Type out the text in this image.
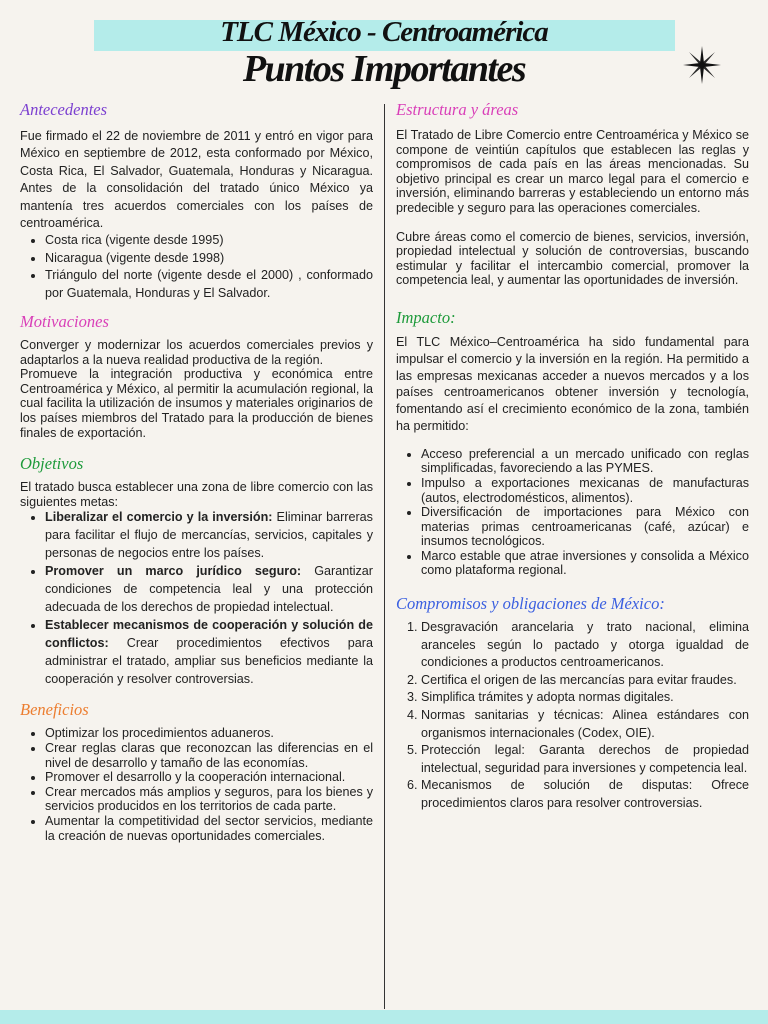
TLC México - Centroamérica
Puntos Importantes
Antecedentes

Fue firmado el 22 de noviembre de 2011 y entró en vigor para México en septiembre de 2012, esta conformado por México, Costa Rica, El Salvador, Guatemala, Honduras y Nicaragua. Antes de la consolidación del tratado único México ya mantenía tres acuerdos comerciales con los países de centroamérica.

• Costa rica (vigente desde 1995)
• Nicaragua (vigente desde 1998)
• Triángulo del norte (vigente desde el 2000) , conformado por Guatemala, Honduras y El Salvador.
Motivaciones

Converger y modernizar los acuerdos comerciales previos y adaptarlos a la nueva realidad productiva de la región.

Promueve la integración productiva y económica entre Centroamérica y México, al permitir la acumulación regional, la cual facilita la utilización de insumos y materiales originarios de los países miembros del Tratado para la producción de bienes finales de exportación.

Objetivos

El tratado busca establecer una zona de libre comercio con las siguientes metas:

• Liberalizar el comercio y la inversión: Eliminar barreras para facilitar el flujo de mercancías, servicios, capitales y personas de negocios entre los países.
• Promover un marco jurídico seguro: Garantizar condiciones de competencia leal y una protección adecuada de los derechos de propiedad intelectual.
• Establecer mecanismos de cooperación y solución de conflictos: Crear procedimientos efectivos para administrar el tratado, ampliar sus beneficios mediante la cooperación y resolver controversias.
Beneficios
• Optimizar los procedimientos aduaneros.
• Crear reglas claras que reconozcan las diferencias en el nivel de desarrollo y tamaño de las economías.
• Promover el desarrollo y la cooperación internacional.
• Crear mercados más amplios y seguros, para los bienes y servicios producidos en los territorios de cada parte.
• Aumentar la competitividad del sector servicios, mediante la creación de nuevas oportunidades comerciales.
Estructura y áreas

El Tratado de Libre Comercio entre Centroamérica y México se compone de veintiún capítulos que establecen las reglas y compromisos de cada país en las áreas mencionadas. Su objetivo principal es crear un marco legal para el comercio e inversión, eliminando barreras y estableciendo un entorno más predecible y seguro para las operaciones comerciales.

Cubre áreas como el comercio de bienes, servicios, inversión, propiedad intelectual y solución de controversias, buscando estimular y facilitar el intercambio comercial, promover la competencia leal, y aumentar las oportunidades de inversión.

Impacto:

El TLC México–Centroamérica ha sido fundamental para impulsar el comercio y la inversión en la región. Ha permitido a las empresas mexicanas acceder a nuevos mercados y a los países centroamericanos obtener inversión y tecnología, fomentando así el crecimiento económico de la zona, también ha permitido:

• Acceso preferencial a un mercado unificado con reglas simplificadas, favoreciendo a las PYMES.
• Impulso a exportaciones mexicanas de manufacturas (autos, electrodomésticos, alimentos).
• Diversificación de importaciones para México con materias primas centroamericanas (café, azúcar) e insumos tecnológicos.
• Marco estable que atrae inversiones y consolida a México como plataforma regional.
Compromisos y obligaciones de México:
1. Desgravación arancelaria y trato nacional, elimina aranceles según lo pactado y otorga igualdad de condiciones a productos centroamericanos.
2. Certifica el origen de las mercancías para evitar fraudes.
3. Simplifica trámites y adopta normas digitales.
4. Normas sanitarias y técnicas: Alinea estándares con organismos internacionales (Codex, OIE).
5. Protección legal: Garanta derechos de propiedad intelectual, seguridad para inversiones y competencia leal.
6. Mecanismos de solución de disputas: Ofrece procedimientos claros para resolver controversias.
